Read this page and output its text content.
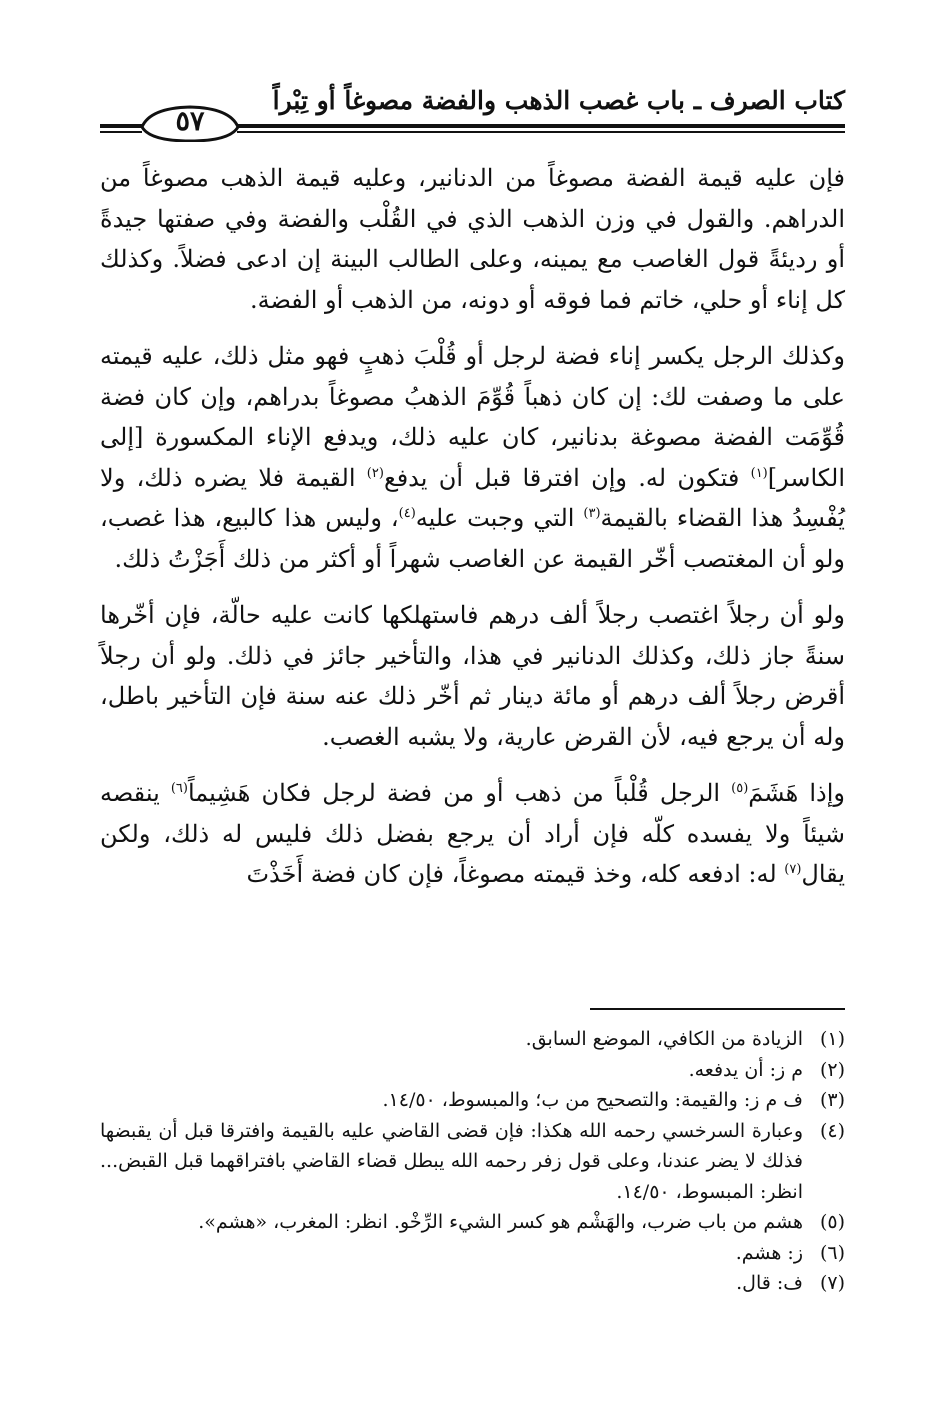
كتاب الصرف ـ باب غصب الذهب والفضة مصوغاً أو تِبْراً
٥٧

فإن عليه قيمة الفضة مصوغاً من الدنانير، وعليه قيمة الذهب مصوغاً من الدراهم. والقول في وزن الذهب الذي في القُلْب والفضة وفي صفتها جيدةً أو رديئةً قول الغاصب مع يمينه، وعلى الطالب البينة إن ادعى فضلاً. وكذلك كل إناء أو حلي، خاتم فما فوقه أو دونه، من الذهب أو الفضة.

وكذلك الرجل يكسر إناء فضة لرجل أو قُلْبَ ذهبٍ فهو مثل ذلك، عليه قيمته على ما وصفت لك: إن كان ذهباً قُوِّمَ الذهبُ مصوغاً بدراهم، وإن كان فضة قُوِّمَت الفضة مصوغة بدنانير، كان عليه ذلك، ويدفع الإناء المكسورة [إلى الكاسر]$^{(١)}$ فتكون له. وإن افترقا قبل أن يدفع$^{(٢)}$ القيمة فلا يضره ذلك، ولا يُفْسِدُ هذا القضاء بالقيمة$^{(٣)}$ التي وجبت عليه$^{(٤)}$، وليس هذا كالبيع، هذا غصب، ولو أن المغتصب أخّر القيمة عن الغاصب شهراً أو أكثر من ذلك أَجَزْتُ ذلك.

ولو أن رجلاً اغتصب رجلاً ألف درهم فاستهلكها كانت عليه حالّة، فإن أخّرها سنةً جاز ذلك، وكذلك الدنانير في هذا، والتأخير جائز في ذلك. ولو أن رجلاً أقرض رجلاً ألف درهم أو مائة دينار ثم أخّر ذلك عنه سنة فإن التأخير باطل، وله أن يرجع فيه، لأن القرض عارية، ولا يشبه الغصب.

وإذا هَشَمَ$^{(٥)}$ الرجل قُلْباً من ذهب أو من فضة لرجل فكان هَشِيماً$^{(٦)}$ ينقصه شيئاً ولا يفسده كلّه فإن أراد أن يرجع بفضل ذلك فليس له ذلك، ولكن يقال$^{(٧)}$ له: ادفعه كله، وخذ قيمته مصوغاً، فإن كان فضة أَخَذْتَ

(١)
الزيادة من الكافي، الموضع السابق.
(٢)
م ز: أن يدفعه.
(٣)
ف م ز: والقيمة: والتصحيح من ب؛ والمبسوط، ١٤/٥٠.
(٤)
وعبارة السرخسي رحمه الله هكذا: فإن قضى القاضي عليه بالقيمة وافترقا قبل أن يقبضها فذلك لا يضر عندنا، وعلى قول زفر رحمه الله يبطل قضاء القاضي بافتراقهما قبل القبض... انظر: المبسوط، ١٤/٥٠.
(٥)
هشم من باب ضرب، والهَشْم هو كسر الشيء الرِّخْو. انظر: المغرب، «هشم».
(٦)
ز: هشم.
(٧)
ف: قال.
